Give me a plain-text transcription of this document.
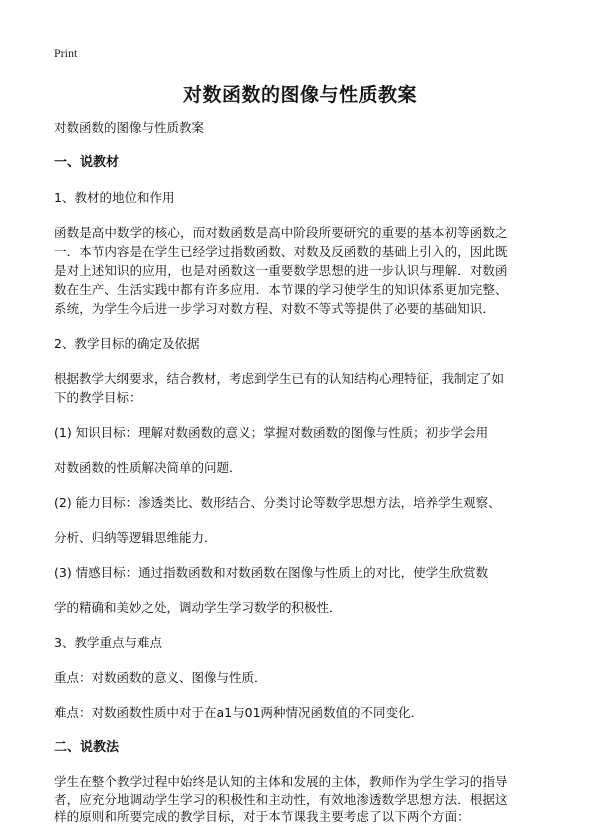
Print
对数函数的图像与性质教案

对数函数的图像与性质教案

一、说教材

1、教材的地位和作用

函数是高中数学的核心，而对数函数是高中阶段所要研究的重要的基本初等函数之
一．本节内容是在学生已经学过指数函数、对数及反函数的基础上引入的，因此既
是对上述知识的应用，也是对函数这一重要数学思想的进一步认识与理解．对数函
数在生产、生活实践中都有许多应用．本节课的学习使学生的知识体系更加完整、
系统，为学生今后进一步学习对数方程、对数不等式等提供了必要的基础知识．

2、教学目标的确定及依据

根据教学大纲要求，结合教材，考虑到学生已有的认知结构心理特征，我制定了如
下的教学目标：

(1) 知识目标：理解对数函数的意义；掌握对数函数的图像与性质；初步学会用

对数函数的性质解决简单的问题．

(2) 能力目标：渗透类比、数形结合、分类讨论等数学思想方法，培养学生观察、

分析、归纳等逻辑思维能力．

(3) 情感目标：通过指数函数和对数函数在图像与性质上的对比，使学生欣赏数

学的精确和美妙之处，调动学生学习数学的积极性．

3、教学重点与难点

重点：对数函数的意义、图像与性质．

难点：对数函数性质中对于在a1与01两种情况函数值的不同变化．

二、说教法

学生在整个教学过程中始终是认知的主体和发展的主体，教师作为学生学习的指导
者，应充分地调动学生学习的积极性和主动性，有效地渗透数学思想方法．根据这
样的原则和所要完成的教学目标，对于本节课我主要考虑了以下两个方面：
